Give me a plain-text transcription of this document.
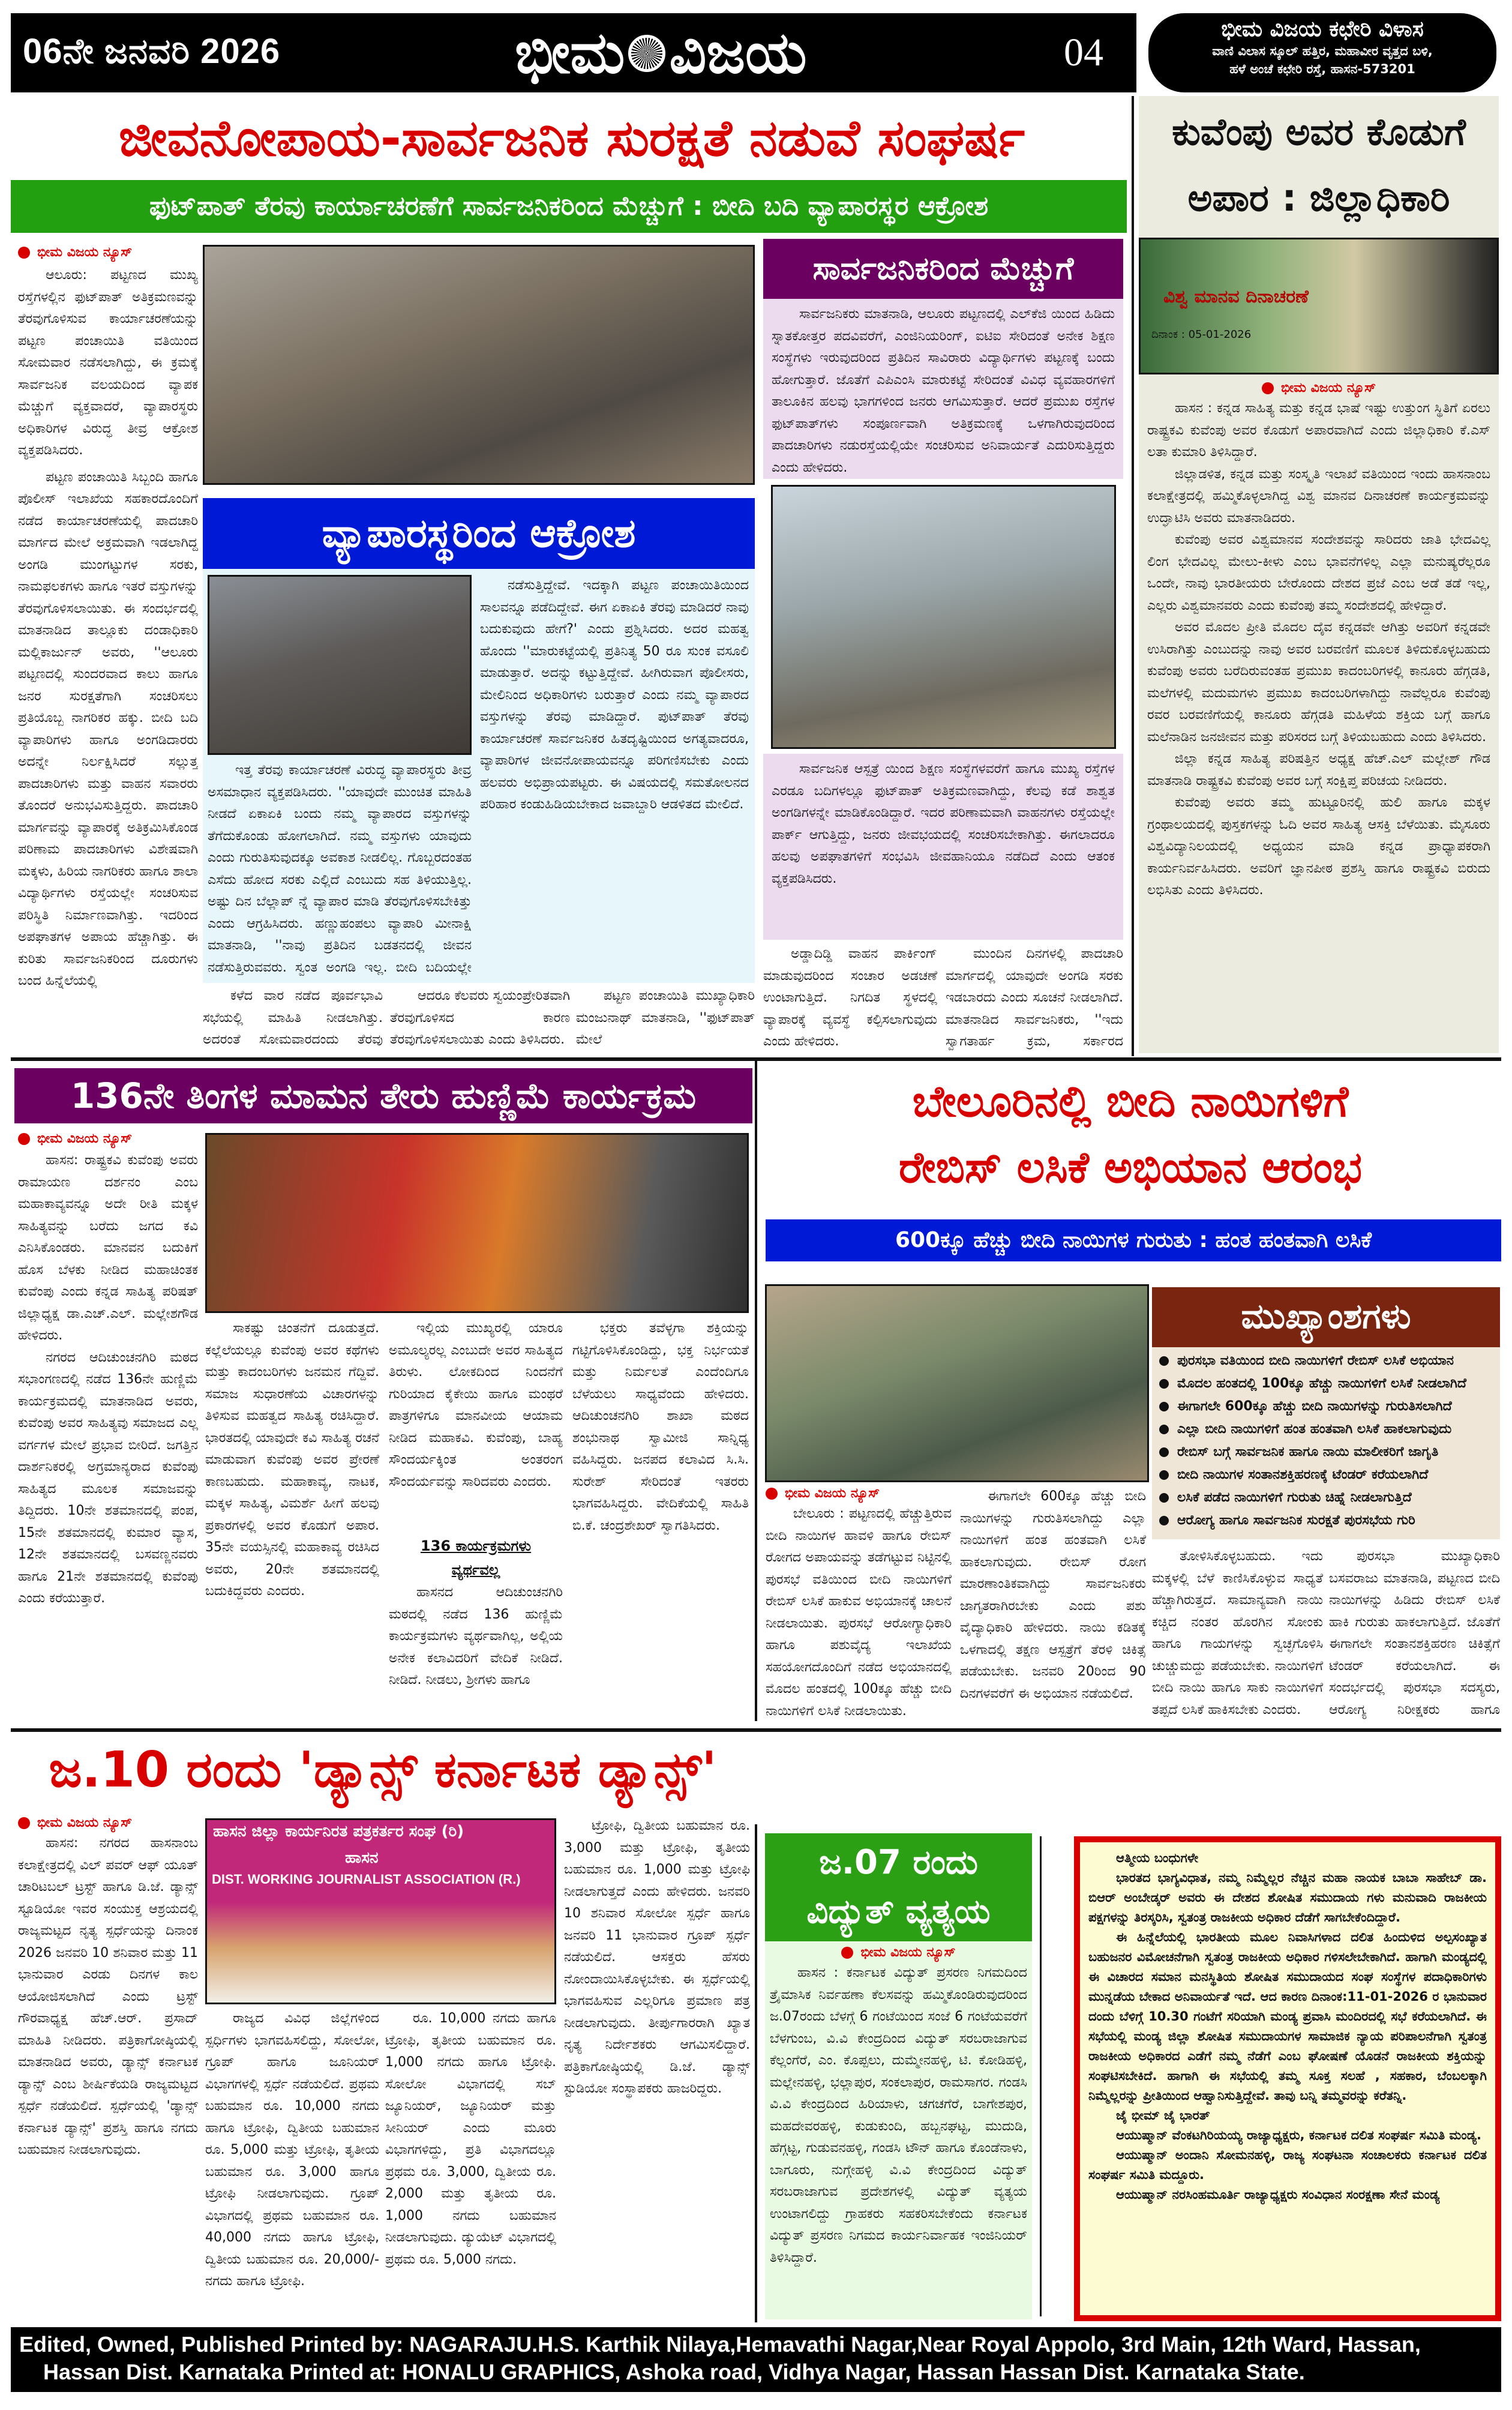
06ನೇ ಜನವರಿ 2026	ಭೀಮ ವಿಜಯ	04
ಭೀಮ ವಿಜಯ ಕಛೇರಿ ವಿಳಾಸ
ವಾಣಿ ವಿಲಾಸ ಸ್ಕೂಲ್ ಹತ್ತಿರ, ಮಹಾವೀರ ವೃತ್ತದ ಬಳಿ,
ಹಳೆ ಅಂಚೆ ಕಛೇರಿ ರಸ್ತೆ, ಹಾಸನ-573201
ಜೀವನೋಪಾಯ-ಸಾರ್ವಜನಿಕ ಸುರಕ್ಷತೆ ನಡುವೆ ಸಂಘರ್ಷ
ಫುಟ್‌ಪಾತ್ ತೆರವು ಕಾರ್ಯಾಚರಣೆಗೆ ಸಾರ್ವಜನಿಕರಿಂದ ಮೆಚ್ಚುಗೆ : ಬೀದಿ ಬದಿ ವ್ಯಾಪಾರಸ್ಥರ ಆಕ್ರೋಶ
ಭೀಮ ವಿಜಯ ನ್ಯೂಸ್

ಆಲೂರು: ಪಟ್ಟಣದ ಮುಖ್ಯ ರಸ್ತೆಗಳಲ್ಲಿನ ಫುಟ್‌ಪಾತ್ ಅತಿಕ್ರಮಣವನ್ನು ತೆರವುಗೊಳಿಸುವ ಕಾರ್ಯಾಚರಣೆಯನ್ನು ಪಟ್ಟಣ ಪಂಚಾಯಿತಿ ವತಿಯಿಂದ ಸೋಮವಾರ ನಡೆಸಲಾಗಿದ್ದು, ಈ ಕ್ರಮಕ್ಕೆ ಸಾರ್ವಜನಿಕ ವಲಯದಿಂದ ವ್ಯಾಪಕ ಮೆಚ್ಚುಗೆ ವ್ಯಕ್ತವಾದರೆ, ವ್ಯಾಪಾರಸ್ಥರು ಅಧಿಕಾರಿಗಳ ವಿರುದ್ಧ ತೀವ್ರ ಆಕ್ರೋಶ ವ್ಯಕ್ತಪಡಿಸಿದರು.

ಪಟ್ಟಣ ಪಂಚಾಯಿತಿ ಸಿಬ್ಬಂದಿ ಹಾಗೂ ಪೊಲೀಸ್ ಇಲಾಖೆಯ ಸಹಕಾರದೊಂದಿಗೆ ನಡೆದ ಕಾರ್ಯಾಚರಣೆಯಲ್ಲಿ ಪಾದಚಾರಿ ಮಾರ್ಗದ ಮೇಲೆ ಅಕ್ರಮವಾಗಿ ಇಡಲಾಗಿದ್ದ ಅಂಗಡಿ ಮುಂಗಟ್ಟುಗಳ ಸರಕು, ನಾಮಫಲಕಗಳು ಹಾಗೂ ಇತರೆ ವಸ್ತುಗಳನ್ನು ತೆರವುಗೊಳಿಸಲಾಯಿತು. ಈ ಸಂದರ್ಭದಲ್ಲಿ ಮಾತನಾಡಿದ ತಾಲ್ಲೂಕು ದಂಡಾಧಿಕಾರಿ ಮಲ್ಲಿಕಾರ್ಜುನ್ ಅವರು, ''ಆಲೂರು ಪಟ್ಟಣದಲ್ಲಿ ಸುಂದರವಾದ ಕಾಲು ಹಾಗೂ ಜನರ ಸುರಕ್ಷತೆಗಾಗಿ ಸಂಚರಿಸಲು ಪ್ರತಿಯೊಬ್ಬ ನಾಗರಿಕರ ಹಕ್ಕು. ಬೀದಿ ಬದಿ ವ್ಯಾಪಾರಿಗಳು ಹಾಗೂ ಅಂಗಡಿದಾರರು ಅದನ್ನೇ ನಿರ್ಲಕ್ಷಿಸಿದರೆ ಸಲ್ಲುತ್ತ ಪಾದಚಾರಿಗಳು ಮತ್ತು ವಾಹನ ಸವಾರರು ತೊಂದರೆ ಅನುಭವಿಸುತ್ತಿದ್ದರು. ಪಾದಚಾರಿ ಮಾರ್ಗವನ್ನು ವ್ಯಾಪಾರಕ್ಕೆ ಅತಿಕ್ರಮಿಸಿಕೊಂಡ ಪರಿಣಾಮ ಪಾದಚಾರಿಗಳು ವಿಶೇಷವಾಗಿ ಮಕ್ಕಳು, ಹಿರಿಯ ನಾಗರಿಕರು ಹಾಗೂ ಶಾಲಾ ವಿದ್ಯಾರ್ಥಿಗಳು ರಸ್ತೆಯಲ್ಲೇ ಸಂಚರಿಸುವ ಪರಿಸ್ಥಿತಿ ನಿರ್ಮಾಣವಾಗಿತ್ತು. ಇದರಿಂದ ಅಪಘಾತಗಳ ಅಪಾಯ ಹೆಚ್ಚಾಗಿತ್ತು. ಈ ಕುರಿತು ಸಾರ್ವಜನಿಕರಿಂದ ದೂರುಗಳು ಬಂದ ಹಿನ್ನೆಲೆಯಲ್ಲಿ

ಸಾರ್ವಜನಿಕರಿಂದ ಮೆಚ್ಚುಗೆ

ಸಾರ್ವಜನಿಕರು ಮಾತನಾಡಿ, ಆಲೂರು ಪಟ್ಟಣದಲ್ಲಿ ಎಲ್‌ಕೆಜಿ ಯಿಂದ ಹಿಡಿದು ಸ್ನಾತಕೋತ್ತರ ಪದವಿವರೆಗೆ, ಎಂಜಿನಿಯರಿಂಗ್, ಐಟಿಐ ಸೇರಿದಂತೆ ಅನೇಕ ಶಿಕ್ಷಣ ಸಂಸ್ಥೆಗಳು ಇರುವುದರಿಂದ ಪ್ರತಿದಿನ ಸಾವಿರಾರು ವಿದ್ಯಾರ್ಥಿಗಳು ಪಟ್ಟಣಕ್ಕೆ ಬಂದು ಹೋಗುತ್ತಾರೆ. ಜೊತೆಗೆ ಎಪಿಎಂಸಿ ಮಾರುಕಟ್ಟೆ ಸೇರಿದಂತೆ ವಿವಿಧ ವ್ಯವಹಾರಗಳಿಗೆ ತಾಲೂಕಿನ ಹಲವು ಭಾಗಗಳಿಂದ ಜನರು ಆಗಮಿಸುತ್ತಾರೆ. ಆದರೆ ಪ್ರಮುಖ ರಸ್ತೆಗಳ ಫುಟ್‌ಪಾತ್‌ಗಳು ಸಂಪೂರ್ಣವಾಗಿ ಅತಿಕ್ರಮಣಕ್ಕೆ ಒಳಗಾಗಿರುವುದರಿಂದ ಪಾದಚಾರಿಗಳು ನಡುರಸ್ತೆಯಲ್ಲಿಯೇ ಸಂಚರಿಸುವ ಅನಿವಾರ್ಯತೆ ಎದುರಿಸುತ್ತಿದ್ದರು ಎಂದು ಹೇಳಿದರು.

ಸಾರ್ವಜನಿಕ ಆಸ್ಪತ್ರೆ ಯಿಂದ ಶಿಕ್ಷಣ ಸಂಸ್ಥೆಗಳವರೆಗೆ ಹಾಗೂ ಮುಖ್ಯ ರಸ್ತೆಗಳ ಎರಡೂ ಬದಿಗಳಲ್ಲೂ ಫುಟ್‌ಪಾತ್ ಅತಿಕ್ರಮಣವಾಗಿದ್ದು, ಕೆಲವು ಕಡೆ ಶಾಶ್ವತ ಅಂಗಡಿಗಳನ್ನೇ ಮಾಡಿಕೊಂಡಿದ್ದಾರೆ. ಇದರ ಪರಿಣಾಮವಾಗಿ ವಾಹನಗಳು ರಸ್ತೆಯಲ್ಲೇ ಪಾರ್ಕ್ ಆಗುತ್ತಿದ್ದು, ಜನರು ಜೀವಭಯದಲ್ಲಿ ಸಂಚರಿಸಬೇಕಾಗಿತ್ತು. ಈಗಲಾದರೂ ಹಲವು ಅಪಘಾತಗಳಿಗೆ ಸಂಭವಿಸಿ ಜೀವಹಾನಿಯೂ ನಡೆದಿದೆ ಎಂದು ಆತಂಕ ವ್ಯಕ್ತಪಡಿಸಿದರು.

ವ್ಯಾಪಾರಸ್ಥರಿಂದ ಆಕ್ರೋಶ

ಇತ್ತ ತೆರವು ಕಾರ್ಯಾಚರಣೆ ವಿರುದ್ಧ ವ್ಯಾಪಾರಸ್ಥರು ತೀವ್ರ ಅಸಮಾಧಾನ ವ್ಯಕ್ತಪಡಿಸಿದರು. ''ಯಾವುದೇ ಮುಂಚಿತ ಮಾಹಿತಿ ನೀಡದೆ ಏಕಾಏಕಿ ಬಂದು ನಮ್ಮ ವ್ಯಾಪಾರದ ವಸ್ತುಗಳನ್ನು ತೆಗೆದುಕೊಂಡು ಹೋಗಲಾಗಿದೆ. ನಮ್ಮ ವಸ್ತುಗಳು ಯಾವುದು ಎಂದು ಗುರುತಿಸುವುದಕ್ಕೂ ಅವಕಾಶ ನೀಡಲಿಲ್ಲ. ಗೊಬ್ಬರದಂತಹ ಎಸೆದು ಹೋದ ಸರಕು ಎಲ್ಲಿದೆ ಎಂಬುದು ಸಹ ತಿಳಿಯುತ್ತಿಲ್ಲ. ಅಷ್ಟು ದಿನ ಬೆಲ್ಲಾಪ್ ನ್ನೆ ವ್ಯಾಪಾರ ಮಾಡಿ ತೆರವುಗೊಳಿಸಬೇಕಿತ್ತು ಎಂದು ಆಗ್ರಹಿಸಿದರು. ಹಣ್ಣುಹಂಪಲು ವ್ಯಾಪಾರಿ ಮೀನಾಕ್ಷಿ ಮಾತನಾಡಿ, ''ನಾವು ಪ್ರತಿದಿನ ಬಡತನದಲ್ಲಿ ಜೀವನ ನಡೆಸುತ್ತಿರುವವರು. ಸ್ವಂತ ಅಂಗಡಿ ಇಲ್ಲ. ಬೀದಿ ಬದಿಯಲ್ಲೇ

ನಡೆಸುತ್ತಿದ್ದೇವೆ. ಇದಕ್ಕಾಗಿ ಪಟ್ಟಣ ಪಂಚಾಯಿತಿಯಿಂದ ಸಾಲವನ್ನೂ ಪಡೆದಿದ್ದೇವೆ. ಈಗ ಏಕಾಏಕಿ ತೆರವು ಮಾಡಿದರೆ ನಾವು ಬದುಕುವುದು ಹೇಗೆ?' ಎಂದು ಪ್ರಶ್ನಿಸಿದರು. ಅದರ ಮಹತ್ವ ಹೊಂದು ''ಮಾರುಕಟ್ಟೆಯಲ್ಲಿ ಪ್ರತಿನಿತ್ಯ 50 ರೂ ಸುಂಕ ವಸೂಲಿ ಮಾಡುತ್ತಾರೆ. ಅದನ್ನು ಕಟ್ಟುತ್ತಿದ್ದೇವೆ. ಹೀಗಿರುವಾಗ ಪೊಲೀಸರು, ಮೇಲಿನಿಂದ ಅಧಿಕಾರಿಗಳು ಬರುತ್ತಾರೆ ಎಂದು ನಮ್ಮ ವ್ಯಾಪಾರದ ವಸ್ತುಗಳನ್ನು ತೆರವು ಮಾಡಿದ್ದಾರೆ. ಪುಟ್‌ಪಾತ್ ತೆರವು ಕಾರ್ಯಾಚರಣೆ ಸಾರ್ವಜನಿಕರ ಹಿತದೃಷ್ಟಿಯಿಂದ ಅಗತ್ಯವಾದರೂ, ವ್ಯಾಪಾರಿಗಳ ಜೀವನೋಪಾಯವನ್ನೂ ಪರಿಗಣಿಸಬೇಕು ಎಂದು ಹಲವರು ಅಭಿಪ್ರಾಯಪಟ್ಟರು. ಈ ವಿಷಯದಲ್ಲಿ ಸಮತೋಲನದ ಪರಿಹಾರ ಕಂಡುಹಿಡಿಯಬೇಕಾದ ಜವಾಬ್ದಾರಿ ಆಡಳಿತದ ಮೇಲಿದೆ.

ಕಳೆದ ವಾರ ನಡೆದ ಪೂರ್ವಭಾವಿ ಸಭೆಯಲ್ಲಿ ಮಾಹಿತಿ ನೀಡಲಾಗಿತ್ತು. ಅದರಂತೆ ಸೋಮವಾರದಂದು ತೆರವು

ಆದರೂ ಕೆಲವರು ಸ್ವಯಂಪ್ರೇರಿತವಾಗಿ ತೆರವುಗೊಳಿಸದ ಕಾರಣ ತೆರವುಗೊಳಿಸಲಾಯಿತು ಎಂದು ತಿಳಿಸಿದರು.

ಪಟ್ಟಣ ಪಂಚಾಯಿತಿ ಮುಖ್ಯಾಧಿಕಾರಿ ಮಂಜುನಾಥ್ ಮಾತನಾಡಿ, ''ಫುಟ್‌ಪಾತ್ ಮೇಲೆ

ಅಡ್ಡಾದಿಡ್ಡಿ ವಾಹನ ಪಾರ್ಕಿಂಗ್ ಮಾಡುವುದರಿಂದ ಸಂಚಾರ ಅಡಚಣೆ ಉಂಟಾಗುತ್ತಿದೆ. ನಿಗದಿತ ಸ್ಥಳದಲ್ಲಿ ವ್ಯಾಪಾರಕ್ಕೆ ವ್ಯವಸ್ಥೆ ಕಲ್ಪಿಸಲಾಗುವುದು ಎಂದು ಹೇಳಿದರು.

ಮುಂದಿನ ದಿನಗಳಲ್ಲಿ ಪಾದಚಾರಿ ಮಾರ್ಗದಲ್ಲಿ ಯಾವುದೇ ಅಂಗಡಿ ಸರಕು ಇಡಬಾರದು ಎಂದು ಸೂಚನೆ ನೀಡಲಾಗಿದೆ. ಮಾತನಾಡಿದ ಸಾರ್ವಜನಿಕರು, ''ಇದು ಸ್ವಾಗತಾರ್ಹ ಕ್ರಮ, ಸರ್ಕಾರದ

ಕುವೆಂಪು ಅವರ ಕೊಡುಗೆ
ಅಪಾರ : ಜಿಲ್ಲಾಧಿಕಾರಿ
ವಿಶ್ವ ಮಾನವ ದಿನಾಚರಣೆ
ದಿನಾಂಕ : 05-01-2026
ಭೀಮ ವಿಜಯ ನ್ಯೂಸ್

ಹಾಸನ : ಕನ್ನಡ ಸಾಹಿತ್ಯ ಮತ್ತು ಕನ್ನಡ ಭಾಷೆ ಇಷ್ಟು ಉತ್ತುಂಗ ಸ್ಥಿತಿಗೆ ಏರಲು ರಾಷ್ಟ್ರಕವಿ ಕುವೆಂಪು ಅವರ ಕೊಡುಗೆ ಅಪಾರವಾಗಿದೆ ಎಂದು ಜಿಲ್ಲಾಧಿಕಾರಿ ಕೆ.ಎಸ್ ಲತಾ ಕುಮಾರಿ ತಿಳಿಸಿದ್ದಾರೆ.

ಜಿಲ್ಲಾಡಳಿತ, ಕನ್ನಡ ಮತ್ತು ಸಂಸ್ಕೃತಿ ಇಲಾಖೆ ವತಿಯಿಂದ ಇಂದು ಹಾಸನಾಂಬ ಕಲಾಕ್ಷೇತ್ರದಲ್ಲಿ ಹಮ್ಮಿಕೊಳ್ಳಲಾಗಿದ್ದ ವಿಶ್ವ ಮಾನವ ದಿನಾಚರಣೆ ಕಾರ್ಯಕ್ರಮವನ್ನು ಉದ್ಘಾಟಿಸಿ ಅವರು ಮಾತನಾಡಿದರು.

ಕುವೆಂಪು ಅವರ ವಿಶ್ವಮಾನವ ಸಂದೇಶವನ್ನು ಸಾರಿದರು ಜಾತಿ ಭೇದವಿಲ್ಲ ಲಿಂಗ ಭೇದವಿಲ್ಲ ಮೇಲು-ಕೀಳು ಎಂಬ ಭಾವನೆಗಳಿಲ್ಲ ಎಲ್ಲಾ ಮನುಷ್ಯರೆಲ್ಲರೂ ಒಂದೇ, ನಾವು ಭಾರತೀಯರು ಬೇರೊಂದು ದೇಶದ ಪ್ರಜೆ ಎಂಬ ಅಡೆ ತಡೆ ಇಲ್ಲ, ಎಲ್ಲರು ವಿಶ್ವಮಾನವರು ಎಂದು ಕುವೆಂಪು ತಮ್ಮ ಸಂದೇಶದಲ್ಲಿ ಹೇಳಿದ್ದಾರೆ.

ಅವರ ಮೊದಲ ಪ್ರೀತಿ ಮೊದಲ ದೈವ ಕನ್ನಡವೇ ಆಗಿತ್ತು ಅವರಿಗೆ ಕನ್ನಡವೇ ಉಸಿರಾಗಿತ್ತು ಎಂಬುದನ್ನು ನಾವು ಅವರ ಬರವಣಿಗೆ ಮೂಲಕ ತಿಳಿದುಕೊಳ್ಳಬಹುದು ಕುವೆಂಪು ಅವರು ಬರೆದಿರುವಂತಹ ಪ್ರಮುಖ ಕಾದಂಬರಿಗಳಲ್ಲಿ ಕಾನೂರು ಹೆಗ್ಗಡತಿ, ಮಲೆಗಳಲ್ಲಿ ಮದುಮಗಳು ಪ್ರಮುಖ ಕಾದಂಬರಿಗಳಾಗಿದ್ದು ನಾವೆಲ್ಲರೂ ಕುವೆಂಪು ರವರ ಬರವಣಿಗೆಯಲ್ಲಿ ಕಾನೂರು ಹೆಗ್ಗಡತಿ ಮಹಿಳೆಯ ಶಕ್ತಿಯ ಬಗ್ಗೆ ಹಾಗೂ ಮಲೆನಾಡಿನ ಜನಜೀವನ ಮತ್ತು ಪರಿಸರದ ಬಗ್ಗೆ ತಿಳಿಯಬಹುದು ಎಂದು ತಿಳಿಸಿದರು.

ಜಿಲ್ಲಾ ಕನ್ನಡ ಸಾಹಿತ್ಯ ಪರಿಷತ್ತಿನ ಅಧ್ಯಕ್ಷ ಹೆಚ್.ಎಲ್ ಮಲ್ಲೇಶ್ ಗೌಡ ಮಾತನಾಡಿ ರಾಷ್ಟ್ರಕವಿ ಕುವೆಂಪು ಅವರ ಬಗ್ಗೆ ಸಂಕ್ಷಿಪ್ತ ಪರಿಚಯ ನೀಡಿದರು.

ಕುವೆಂಪು ಅವರು ತಮ್ಮ ಹುಟ್ಟೂರಿನಲ್ಲಿ ಹುಲಿ ಹಾಗೂ ಮಕ್ಕಳ ಗ್ರಂಥಾಲಯದಲ್ಲಿ ಪುಸ್ತಕಗಳನ್ನು ಓದಿ ಅವರ ಸಾಹಿತ್ಯ ಆಸಕ್ತಿ ಬೆಳೆಯಿತು. ಮೈಸೂರು ವಿಶ್ವವಿದ್ಯಾನಿಲಯದಲ್ಲಿ ಅಧ್ಯಯನ ಮಾಡಿ ಕನ್ನಡ ಪ್ರಾಧ್ಯಾಪಕರಾಗಿ ಕಾರ್ಯನಿರ್ವಹಿಸಿದರು. ಅವರಿಗೆ ಜ್ಞಾನಪೀಠ ಪ್ರಶಸ್ತಿ ಹಾಗೂ ರಾಷ್ಟ್ರಕವಿ ಬಿರುದು ಲಭಿಸಿತು ಎಂದು ತಿಳಿಸಿದರು.

136ನೇ ತಿಂಗಳ ಮಾಮನ ತೇರು ಹುಣ್ಣಿಮೆ ಕಾರ್ಯಕ್ರಮ
ಭೀಮ ವಿಜಯ ನ್ಯೂಸ್

ಹಾಸನ: ರಾಷ್ಟ್ರಕವಿ ಕುವೆಂಪು ಅವರು ರಾಮಾಯಣ ದರ್ಶನಂ ಎಂಬ ಮಹಾಕಾವ್ಯವನ್ನೂ ಅದೇ ರೀತಿ ಮಕ್ಕಳ ಸಾಹಿತ್ಯವನ್ನು ಬರೆದು ಜಗದ ಕವಿ ಎನಿಸಿಕೊಂಡರು. ಮಾನವನ ಬದುಕಿಗೆ ಹೊಸ ಬೆಳಕು ನೀಡಿದ ಮಹಾಚಿಂತಕ ಕುವೆಂಪು ಎಂದು ಕನ್ನಡ ಸಾಹಿತ್ಯ ಪರಿಷತ್ ಜಿಲ್ಲಾಧ್ಯಕ್ಷ ಡಾ.ಎಚ್.ಎಲ್. ಮಲ್ಲೇಶಗೌಡ ಹೇಳಿದರು.

ನಗರದ ಆದಿಚುಂಚನಗಿರಿ ಮಠದ ಸಭಾಂಗಣದಲ್ಲಿ ನಡೆದ 136ನೇ ಹುಣ್ಣಿಮೆ ಕಾರ್ಯಕ್ರಮದಲ್ಲಿ ಮಾತನಾಡಿದ ಅವರು, ಕುವೆಂಪು ಅವರ ಸಾಹಿತ್ಯವು ಸಮಾಜದ ಎಲ್ಲ ವರ್ಗಗಳ ಮೇಲೆ ಪ್ರಭಾವ ಬೀರಿದೆ. ಜಗತ್ತಿನ ದಾರ್ಶನಿಕರಲ್ಲಿ ಅಗ್ರಮಾನ್ಯರಾದ ಕುವೆಂಪು ಸಾಹಿತ್ಯದ ಮೂಲಕ ಸಮಾಜವನ್ನು ತಿದ್ದಿದರು. 10ನೇ ಶತಮಾನದಲ್ಲಿ ಪಂಪ, 15ನೇ ಶತಮಾನದಲ್ಲಿ ಕುಮಾರ ವ್ಯಾಸ, 12ನೇ ಶತಮಾನದಲ್ಲಿ ಬಸವಣ್ಣನವರು ಹಾಗೂ 21ನೇ ಶತಮಾನದಲ್ಲಿ ಕುವೆಂಪು ಎಂದು ಕರೆಯುತ್ತಾರೆ.

ಸಾಕಷ್ಟು ಚಿಂತನೆಗೆ ದೂಡುತ್ತದೆ. ಕಲ್ಲೆಲೆಯಲ್ಲೂ ಕುವೆಂಪು ಅವರ ಕಥೆಗಳು ಮತ್ತು ಕಾದಂಬರಿಗಳು ಜನಮನ ಗೆದ್ದಿವೆ. ಸಮಾಜ ಸುಧಾರಣೆಯ ವಿಚಾರಗಳನ್ನು ತಿಳಿಸುವ ಮಹತ್ವದ ಸಾಹಿತ್ಯ ರಚಿಸಿದ್ದಾರೆ. ಭಾರತದಲ್ಲಿ ಯಾವುದೇ ಕವಿ ಸಾಹಿತ್ಯ ರಚನೆ ಮಾಡುವಾಗ ಕುವೆಂಪು ಅವರ ಪ್ರೇರಣೆ ಕಾಣಬಹುದು. ಮಹಾಕಾವ್ಯ, ನಾಟಕ, ಮಕ್ಕಳ ಸಾಹಿತ್ಯ, ವಿಮರ್ಶೆ ಹೀಗೆ ಹಲವು ಪ್ರಕಾರಗಳಲ್ಲಿ ಅವರ ಕೊಡುಗೆ ಅಪಾರ. 35ನೇ ವಯಸ್ಸಿನಲ್ಲಿ ಮಹಾಕಾವ್ಯ ರಚಿಸಿದ ಅವರು, 20ನೇ ಶತಮಾನದಲ್ಲಿ ಬದುಕಿದ್ದವರು ಎಂದರು.

ಇಲ್ಲಿಯ ಮುಖ್ಯರಲ್ಲಿ ಯಾರೂ ಅಮೂಲ್ಯರಲ್ಲ ಎಂಬುದೇ ಅವರ ಸಾಹಿತ್ಯದ ತಿರುಳು. ಲೋಕದಿಂದ ನಿಂದನೆಗೆ ಗುರಿಯಾದ ಕೈಕೇಯಿ ಹಾಗೂ ಮಂಥರೆ ಪಾತ್ರಗಳಿಗೂ ಮಾನವೀಯ ಆಯಾಮ ನೀಡಿದ ಮಹಾಕವಿ. ಕುವೆಂಪು, ಬಾಹ್ಯ ಸೌಂದರ್ಯಕ್ಕಿಂತ ಅಂತರಂಗ ಸೌಂದರ್ಯವನ್ನು ಸಾರಿದವರು ಎಂದರು.

136 ಕಾರ್ಯಕ್ರಮಗಳು
ವ್ಯರ್ಥವಲ್ಲ

ಹಾಸನದ ಆದಿಚುಂಚನಗಿರಿ ಮಠದಲ್ಲಿ ನಡೆದ 136 ಹುಣ್ಣಿಮೆ ಕಾರ್ಯಕ್ರಮಗಳು ವ್ಯರ್ಥವಾಗಿಲ್ಲ, ಅಲ್ಲಿಯ ಅನೇಕ ಕಲಾವಿದರಿಗೆ ವೇದಿಕೆ ನೀಡಿದೆ. ನೀಡಿದೆ. ನೀಡಲು, ಶ್ರೀಗಳು ಹಾಗೂ

ಭಕ್ತರು ತವೆಳ್ಳಗಾ ಶಕ್ತಿಯನ್ನು ಗಟ್ಟಿಗೊಳಿಸಿಕೊಂಡಿದ್ದು, ಭಕ್ತ ನಿರ್ಭಯತೆ ಮತ್ತು ನಿರ್ಮಲತೆ ಎಂದೆಂದಿಗೂ ಬೆಳೆಯಲು ಸಾಧ್ಯವೆಂದು ಹೇಳಿದರು. ಆದಿಚುಂಚನಗಿರಿ ಶಾಖಾ ಮಠದ ಶಂಭುನಾಥ ಸ್ವಾಮೀಜಿ ಸಾನ್ನಿಧ್ಯ ವಹಿಸಿದ್ದರು. ಜನಪದ ಕಲಾವಿದ ಸಿ.ಸಿ. ಸುರೇಶ್ ಸೇರಿದಂತೆ ಇತರರು ಭಾಗವಹಿಸಿದ್ದರು. ವೇದಿಕೆಯಲ್ಲಿ ಸಾಹಿತಿ ಬಿ.ಕೆ. ಚಂದ್ರಶೇಖರ್ ಸ್ವಾಗತಿಸಿದರು.

ಬೇಲೂರಿನಲ್ಲಿ ಬೀದಿ ನಾಯಿಗಳಿಗೆ
ರೇಬಿಸ್ ಲಸಿಕೆ ಅಭಿಯಾನ ಆರಂಭ
600ಕ್ಕೂ ಹೆಚ್ಚು ಬೀದಿ ನಾಯಿಗಳ ಗುರುತು : ಹಂತ ಹಂತವಾಗಿ ಲಸಿಕೆ
ಮುಖ್ಯಾಂಶಗಳು
ಪುರಸಭಾ ವತಿಯಿಂದ ಬೀದಿ ನಾಯಿಗಳಿಗೆ ರೇಬಿಸ್ ಲಸಿಕೆ ಅಭಿಯಾನ
ಮೊದಲ ಹಂತದಲ್ಲಿ 100ಕ್ಕೂ ಹೆಚ್ಚು ನಾಯಿಗಳಿಗೆ ಲಸಿಕೆ ನೀಡಲಾಗಿದೆ
ಈಗಾಗಲೇ 600ಕ್ಕೂ ಹೆಚ್ಚು ಬೀದಿ ನಾಯಿಗಳನ್ನು ಗುರುತಿಸಲಾಗಿದೆ
ಎಲ್ಲಾ ಬೀದಿ ನಾಯಿಗಳಿಗೆ ಹಂತ ಹಂತವಾಗಿ ಲಸಿಕೆ ಹಾಕಲಾಗುವುದು
ರೇಬಿಸ್ ಬಗ್ಗೆ ಸಾರ್ವಜನಿಕ ಹಾಗೂ ನಾಯಿ ಮಾಲೀಕರಿಗೆ ಜಾಗೃತಿ
ಬೀದಿ ನಾಯಿಗಳ ಸಂತಾನಶಕ್ತಿಹರಣಕ್ಕೆ ಟೆಂಡರ್ ಕರೆಯಲಾಗಿದೆ
ಲಸಿಕೆ ಪಡೆದ ನಾಯಿಗಳಿಗೆ ಗುರುತು ಚಿಹ್ನೆ ನೀಡಲಾಗುತ್ತಿದೆ
ಆರೋಗ್ಯ ಹಾಗೂ ಸಾರ್ವಜನಿಕ ಸುರಕ್ಷತೆ ಪುರಸಭೆಯ ಗುರಿ
ಭೀಮ ವಿಜಯ ನ್ಯೂಸ್

ಬೇಲೂರು : ಪಟ್ಟಣದಲ್ಲಿ ಹೆಚ್ಚುತ್ತಿರುವ ಬೀದಿ ನಾಯಿಗಳ ಹಾವಳಿ ಹಾಗೂ ರೇಬಿಸ್ ರೋಗದ ಅಪಾಯವನ್ನು ತಡೆಗಟ್ಟುವ ನಿಟ್ಟಿನಲ್ಲಿ ಪುರಸಭೆ ವತಿಯಿಂದ ಬೀದಿ ನಾಯಿಗಳಿಗೆ ರೇಬಿಸ್ ಲಸಿಕೆ ಹಾಕುವ ಅಭಿಯಾನಕ್ಕೆ ಚಾಲನೆ ನೀಡಲಾಯಿತು. ಪುರಸಭೆ ಆರೋಗ್ಯಾಧಿಕಾರಿ ಹಾಗೂ ಪಶುವೈದ್ಯ ಇಲಾಖೆಯ ಸಹಯೋಗದೊಂದಿಗೆ ನಡೆದ ಅಭಿಯಾನದಲ್ಲಿ ಮೊದಲ ಹಂತದಲ್ಲಿ 100ಕ್ಕೂ ಹೆಚ್ಚು ಬೀದಿ ನಾಯಿಗಳಿಗೆ ಲಸಿಕೆ ನೀಡಲಾಯಿತು.

ಈಗಾಗಲೇ 600ಕ್ಕೂ ಹೆಚ್ಚು ಬೀದಿ ನಾಯಿಗಳನ್ನು ಗುರುತಿಸಲಾಗಿದ್ದು ಎಲ್ಲಾ ನಾಯಿಗಳಿಗೆ ಹಂತ ಹಂತವಾಗಿ ಲಸಿಕೆ ಹಾಕಲಾಗುವುದು. ರೇಬಿಸ್ ರೋಗ ಮಾರಣಾಂತಿಕವಾಗಿದ್ದು ಸಾರ್ವಜನಿಕರು ಜಾಗೃತರಾಗಿರಬೇಕು ಎಂದು ಪಶು ವೈದ್ಯಾಧಿಕಾರಿ ಹೇಳಿದರು. ನಾಯಿ ಕಡಿತಕ್ಕೆ ಒಳಗಾದಲ್ಲಿ ತಕ್ಷಣ ಆಸ್ಪತ್ರೆಗೆ ತೆರಳಿ ಚಿಕಿತ್ಸೆ ಪಡೆಯಬೇಕು. ಜನವರಿ 20ರಿಂದ 90 ದಿನಗಳವರೆಗೆ ಈ ಅಭಿಯಾನ ನಡೆಯಲಿದೆ.

ತೋಳಿಸಿಕೊಳ್ಳಬಹುದು. ಇದು ಮಕ್ಕಳಲ್ಲಿ ಬೆಳೆ ಕಾಣಿಸಿಕೊಳ್ಳುವ ಸಾಧ್ಯತೆ ಹೆಚ್ಚಾಗಿರುತ್ತದೆ. ಸಾಮಾನ್ಯವಾಗಿ ನಾಯಿ ಕಚ್ಚಿದ ನಂತರ ಹೊರಗಿನ ಸೋಂಕು ಹಾಗೂ ಗಾಯಗಳನ್ನು ಸ್ವಚ್ಛಗೊಳಿಸಿ ಚುಚ್ಚುಮದ್ದು ಪಡೆಯಬೇಕು. ನಾಯಿಗಳಿಗೆ ಬೀದಿ ನಾಯಿ ಹಾಗೂ ಸಾಕು ನಾಯಿಗಳಿಗೆ ತಪ್ಪದೆ ಲಸಿಕೆ ಹಾಕಿಸಬೇಕು ಎಂದರು.

ಪುರಸಭಾ ಮುಖ್ಯಾಧಿಕಾರಿ ಬಸವರಾಜು ಮಾತನಾಡಿ, ಪಟ್ಟಣದ ಬೀದಿ ನಾಯಿಗಳನ್ನು ಹಿಡಿದು ರೇಬಿಸ್ ಲಸಿಕೆ ಹಾಕಿ ಗುರುತು ಹಾಕಲಾಗುತ್ತಿದೆ. ಜೊತೆಗೆ ಈಗಾಗಲೇ ಸಂತಾನಶಕ್ತಿಹರಣ ಚಿಕಿತ್ಸೆಗೆ ಟೆಂಡರ್ ಕರೆಯಲಾಗಿದೆ. ಈ ಸಂದರ್ಭದಲ್ಲಿ ಪುರಸಭಾ ಸದಸ್ಯರು, ಆರೋಗ್ಯ ನಿರೀಕ್ಷಕರು ಹಾಗೂ

ಜ.10 ರಂದು 'ಡ್ಯಾನ್ಸ್ ಕರ್ನಾಟಕ ಡ್ಯಾನ್ಸ್'
ಭೀಮ ವಿಜಯ ನ್ಯೂಸ್

ಹಾಸನ: ನಗರದ ಹಾಸನಾಂಬ ಕಲಾಕ್ಷೇತ್ರದಲ್ಲಿ ವಿಲ್ ಪವರ್ ಆಫ್ ಯೂತ್ ಚಾರಿಟಬಲ್ ಟ್ರಸ್ಟ್ ಹಾಗೂ ಡಿ.ಜೆ. ಡ್ಯಾನ್ಸ್ ಸ್ಟೂಡಿಯೋ ಇವರ ಸಂಯುಕ್ತ ಆಶ್ರಯದಲ್ಲಿ ರಾಜ್ಯಮಟ್ಟದ ನೃತ್ಯ ಸ್ಪರ್ಧೆಯನ್ನು ದಿನಾಂಕ 2026 ಜನವರಿ 10 ಶನಿವಾರ ಮತ್ತು 11 ಭಾನುವಾರ ಎರಡು ದಿನಗಳ ಕಾಲ ಆಯೋಜಿಸಲಾಗಿದೆ ಎಂದು ಟ್ರಸ್ಟ್ ಗೌರವಾಧ್ಯಕ್ಷ ಹೆಚ್.ಆರ್. ಪ್ರಸಾದ್ ಮಾಹಿತಿ ನೀಡಿದರು. ಪತ್ರಿಕಾಗೋಷ್ಠಿಯಲ್ಲಿ ಮಾತನಾಡಿದ ಅವರು, ಡ್ಯಾನ್ಸ್ ಕರ್ನಾಟಕ ಡ್ಯಾನ್ಸ್ ಎಂಬ ಶೀರ್ಷಿಕೆಯಡಿ ರಾಜ್ಯಮಟ್ಟದ ಸ್ಪರ್ಧೆ ನಡೆಯಲಿದೆ. ಸ್ಪರ್ಧೆಯಲ್ಲಿ 'ಡ್ಯಾನ್ಸ್ ಕರ್ನಾಟಕ ಡ್ಯಾನ್ಸ್' ಪ್ರಶಸ್ತಿ ಹಾಗೂ ನಗದು ಬಹುಮಾನ ನೀಡಲಾಗುವುದು.

ಹಾಸನ ಜಿಲ್ಲಾ ಕಾರ್ಯನಿರತ ಪತ್ರಕರ್ತರ ಸಂಘ (ರಿ)
ಹಾಸನ
DIST. WORKING JOURNALIST ASSOCIATION (R.)

ರಾಜ್ಯದ ವಿವಿಧ ಜಿಲ್ಲೆಗಳಿಂದ ಸ್ಪರ್ಧಿಗಳು ಭಾಗವಹಿಸಲಿದ್ದು, ಸೋಲೋ, ಗ್ರೂಪ್ ಹಾಗೂ ಜೂನಿಯರ್ ವಿಭಾಗಗಳಲ್ಲಿ ಸ್ಪರ್ಧೆ ನಡೆಯಲಿದೆ. ಪ್ರಥಮ ಬಹುಮಾನ ರೂ. 10,000 ನಗದು ಹಾಗೂ ಟ್ರೋಫಿ, ದ್ವಿತೀಯ ಬಹುಮಾನ ರೂ. 5,000 ಮತ್ತು ಟ್ರೋಫಿ, ತೃತೀಯ ಬಹುಮಾನ ರೂ. 3,000 ಹಾಗೂ ಟ್ರೋಫಿ ನೀಡಲಾಗುವುದು. ಗ್ರೂಪ್ ವಿಭಾಗದಲ್ಲಿ ಪ್ರಥಮ ಬಹುಮಾನ ರೂ. 40,000 ನಗದು ಹಾಗೂ ಟ್ರೋಫಿ, ದ್ವಿತೀಯ ಬಹುಮಾನ ರೂ. 20,000/- ನಗದು ಹಾಗೂ ಟ್ರೋಫಿ.

ರೂ. 10,000 ನಗದು ಹಾಗೂ ಟ್ರೋಫಿ, ತೃತೀಯ ಬಹುಮಾನ ರೂ. 1,000 ನಗದು ಹಾಗೂ ಟ್ರೋಫಿ. ಸೋಲೋ ವಿಭಾಗದಲ್ಲಿ ಸಬ್ ಜ್ಯೂನಿಯರ್, ಜ್ಯೂನಿಯರ್ ಮತ್ತು ಸೀನಿಯರ್ ಎಂದು ಮೂರು ವಿಭಾಗಗಳಿದ್ದು, ಪ್ರತಿ ವಿಭಾಗದಲ್ಲೂ ಪ್ರಥಮ ರೂ. 3,000, ದ್ವಿತೀಯ ರೂ. 2,000 ಮತ್ತು ತೃತೀಯ ರೂ. 1,000 ನಗದು ಬಹುಮಾನ ನೀಡಲಾಗುವುದು. ಡ್ಯುಯೆಟ್ ವಿಭಾಗದಲ್ಲಿ ಪ್ರಥಮ ರೂ. 5,000 ನಗದು.

ಟ್ರೋಫಿ, ದ್ವಿತೀಯ ಬಹುಮಾನ ರೂ. 3,000 ಮತ್ತು ಟ್ರೋಫಿ, ತೃತೀಯ ಬಹುಮಾನ ರೂ. 1,000 ಮತ್ತು ಟ್ರೋಫಿ ನೀಡಲಾಗುತ್ತದೆ ಎಂದು ಹೇಳಿದರು. ಜನವರಿ 10 ಶನಿವಾರ ಸೋಲೋ ಸ್ಪರ್ಧೆ ಹಾಗೂ ಜನವರಿ 11 ಭಾನುವಾರ ಗ್ರೂಪ್ ಸ್ಪರ್ಧೆ ನಡೆಯಲಿದೆ. ಆಸಕ್ತರು ಹೆಸರು ನೋಂದಾಯಿಸಿಕೊಳ್ಳಬೇಕು. ಈ ಸ್ಪರ್ಧೆಯಲ್ಲಿ ಭಾಗವಹಿಸುವ ಎಲ್ಲರಿಗೂ ಪ್ರಮಾಣ ಪತ್ರ ನೀಡಲಾಗುವುದು. ತೀರ್ಪುಗಾರರಾಗಿ ಖ್ಯಾತ ನೃತ್ಯ ನಿರ್ದೇಶಕರು ಆಗಮಿಸಲಿದ್ದಾರೆ. ಪತ್ರಿಕಾಗೋಷ್ಠಿಯಲ್ಲಿ ಡಿ.ಜೆ. ಡ್ಯಾನ್ಸ್ ಸ್ಟುಡಿಯೋ ಸಂಸ್ಥಾಪಕರು ಹಾಜರಿದ್ದರು.

ಜ.07 ರಂದು
ವಿದ್ಯುತ್ ವ್ಯತ್ಯಯ
ಭೀಮ ವಿಜಯ ನ್ಯೂಸ್

ಹಾಸನ : ಕರ್ನಾಟಕ ವಿದ್ಯುತ್ ಪ್ರಸರಣ ನಿಗಮದಿಂದ ತ್ರೈಮಾಸಿಕ ನಿರ್ವಹಣಾ ಕೆಲಸವನ್ನು ಹಮ್ಮಿಕೊಂಡಿರುವುದರಿಂದ ಜ.07ರಂದು ಬೆಳಗ್ಗೆ 6 ಗಂಟೆಯಿಂದ ಸಂಜೆ 6 ಗಂಟೆಯವರೆಗೆ ಬೆಳಗುಂಬ, ವಿ.ವಿ ಕೇಂದ್ರದಿಂದ ವಿದ್ಯುತ್ ಸರಬರಾಜಾಗುವ ಕೆಲ್ಲಂಗೆರೆ, ಎಂ. ಕೊಪ್ಪಲು, ದುಮ್ಮೇನಹಳ್ಳಿ, ಟಿ. ಕೋಡಿಹಳ್ಳಿ, ಮಲ್ಲೇನಹಳ್ಳಿ, ಭಲ್ಲಾಪುರ, ಸಂಕಲಾಪುರ, ರಾಮಸಾಗರ. ಗಂಡಸಿ ವಿ.ವಿ ಕೇಂದ್ರದಿಂದ ಹಿರಿಯಾಳು, ಚಗಚಗೆರೆ, ಬಾಗೇಶಪುರ, ಮಹದೇವರಹಳ್ಳಿ, ಕುಡುಕುಂದಿ, ಹಬ್ಬನಘಟ್ಟ, ಮುದುಡಿ, ಹೆಗ್ಗಟ್ಟ, ಗುಡುವನಹಳ್ಳಿ, ಗಂಡಸಿ ಟೌನ್ ಹಾಗೂ ಕೊಂಡೆನಾಳು, ಬಾಗೂರು, ನುಗ್ಗೇಹಳ್ಳಿ ವಿ.ವಿ ಕೇಂದ್ರದಿಂದ ವಿದ್ಯುತ್ ಸರಬರಾಜಾಗುವ ಪ್ರದೇಶಗಳಲ್ಲಿ ವಿದ್ಯುತ್ ವ್ಯತ್ಯಯ ಉಂಟಾಗಲಿದ್ದು ಗ್ರಾಹಕರು ಸಹಕರಿಸಬೇಕೆಂದು ಕರ್ನಾಟಕ ವಿದ್ಯುತ್ ಪ್ರಸರಣ ನಿಗಮದ ಕಾರ್ಯನಿರ್ವಾಹಕ ಇಂಜಿನಿಯರ್ ತಿಳಿಸಿದ್ದಾರೆ.

ಆತ್ಮೀಯ ಬಂಧುಗಳೇ

ಭಾರತದ ಭಾಗ್ಯವಿಧಾತ, ನಮ್ಮ ನಿಮ್ಮೆಲ್ಲರ ನೆಚ್ಚಿನ ಮಹಾ ನಾಯಕ ಬಾಬಾ ಸಾಹೇಬ್ ಡಾ. ಬಿಆರ್ ಅಂಬೇಡ್ಕರ್ ಅವರು ಈ ದೇಶದ ಶೋಷಿತ ಸಮುದಾಯ ಗಳು ಮನುವಾದಿ ರಾಜಕೀಯ ಪಕ್ಷಗಳನ್ನು ತಿರಸ್ಕರಿಸಿ, ಸ್ವತಂತ್ರ ರಾಜಕೀಯ ಅಧಿಕಾರ ದೆಡೆಗೆ ಸಾಗಬೇಕೆಂದಿದ್ದಾರೆ.

ಈ ಹಿನ್ನೆಲೆಯಲ್ಲಿ ಭಾರತೀಯ ಮೂಲ ನಿವಾಸಿಗಳಾದ ದಲಿತ ಹಿಂದುಳಿದ ಅಲ್ಪಸಂಖ್ಯಾತ ಬಹುಜನರ ವಿಮೋಚನೆಗಾಗಿ ಸ್ವತಂತ್ರ ರಾಜಕೀಯ ಅಧಿಕಾರ ಗಳಿಸಲೇಬೇಕಾಗಿದೆ. ಹಾಗಾಗಿ ಮಂಡ್ಯದಲ್ಲಿ ಈ ವಿಚಾರದ ಸಮಾನ ಮನಸ್ಥಿತಿಯ ಶೋಷಿತ ಸಮುದಾಯದ ಸಂಘ ಸಂಸ್ಥೆಗಳ ಪದಾಧಿಕಾರಿಗಳು ಮುನ್ನಡೆಯ ಬೇಕಾದ ಅನಿವಾರ್ಯತೆ ಇದೆ. ಆದ ಕಾರಣ ದಿನಾಂಕ:11-01-2026 ರ ಭಾನುವಾರ ದಂದು ಬೆಳಿಗ್ಗೆ 10.30 ಗಂಟೆಗೆ ಸರಿಯಾಗಿ ಮಂಡ್ಯ ಪ್ರವಾಸಿ ಮಂದಿರದಲ್ಲಿ ಸಭೆ ಕರೆಯಲಾಗಿದೆ. ಈ ಸಭೆಯಲ್ಲಿ ಮಂಡ್ಯ ಜಿಲ್ಲಾ ಶೋಷಿತ ಸಮುದಾಯಗಳ ಸಾಮಾಜಿಕ ನ್ಯಾಯ ಪರಿಪಾಲನೆಗಾಗಿ ಸ್ವತಂತ್ರ ರಾಜಕೀಯ ಅಧಿಕಾರದ ಎಡೆಗೆ ನಮ್ಮ ನೆಡೆಗೆ ಎಂಬ ಘೋಷಣೆ ಯೊಡನೆ ರಾಜಕೀಯ ಶಕ್ತಿಯನ್ನು ಸಂಘಟಿಸಬೇಕಿದೆ. ಹಾಗಾಗಿ ಈ ಸಭೆಯಲ್ಲಿ ತಮ್ಮ ಸೂಕ್ತ ಸಲಹೆ , ಸಹಕಾರ, ಬೆಂಬಲಕ್ಕಾಗಿ ನಿಮ್ಮೆಲ್ಲರನ್ನು ಪ್ರೀತಿಯಿಂದ ಆಹ್ವಾನಿಸುತ್ತಿದ್ದೇವೆ. ತಾವು ಬನ್ನಿ ತಮ್ಮವರನ್ನು ಕರೆತನ್ನಿ.

ಜೈ ಭೀಮ್ ಜೈ ಭಾರತ್

ಆಯುಷ್ಮಾನ್ ವೆಂಕಟಗಿರಿಯಯ್ಯ ರಾಜ್ಯಾಧ್ಯಕ್ಷರು, ಕರ್ನಾಟಕ ದಲಿತ ಸಂಘರ್ಷ ಸಮಿತಿ ಮಂಡ್ಯ.

ಆಯುಷ್ಮಾನ್ ಅಂದಾನಿ ಸೋಮನಹಳ್ಳಿ, ರಾಜ್ಯ ಸಂಘಟನಾ ಸಂಚಾಲಕರು ಕರ್ನಾಟಕ ದಲಿತ ಸಂಘರ್ಷ ಸಮಿತಿ ಮದ್ದೂರು.

ಆಯುಷ್ಮಾನ್ ನರಸಿಂಹಮೂರ್ತಿ ರಾಜ್ಯಾಧ್ಯಕ್ಷರು ಸಂವಿಧಾನ ಸಂರಕ್ಷಣಾ ಸೇನೆ ಮಂಡ್ಯ

Edited, Owned, Published Printed by: NAGARAJU.H.S. Karthik Nilaya,Hemavathi Nagar,Near Royal Appolo, 3rd Main, 12th Ward, Hassan,
Hassan Dist. Karnataka Printed at: HONALU GRAPHICS, Ashoka road, Vidhya Nagar, Hassan Hassan Dist. Karnataka State.
